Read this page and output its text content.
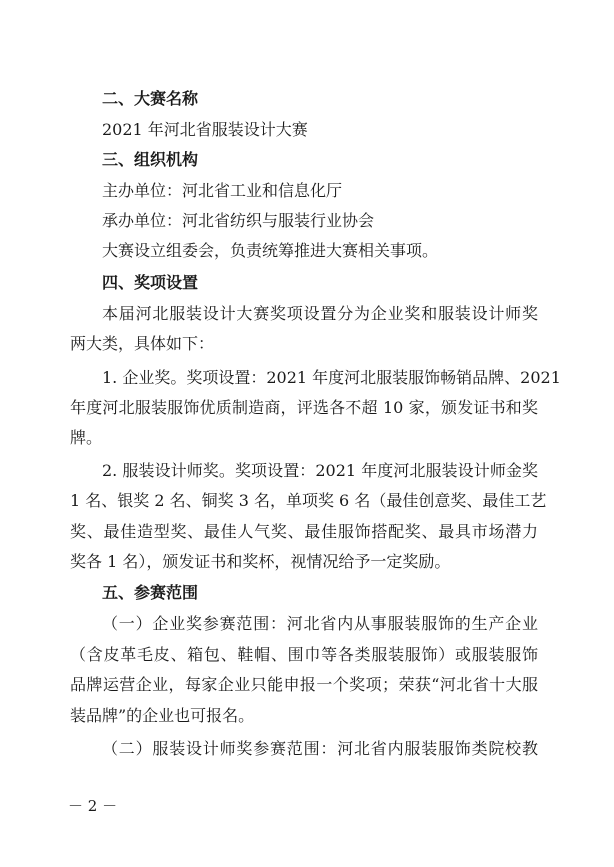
二、大赛名称
2021 年河北省服装设计大赛
三、组织机构
主办单位：河北省工业和信息化厅
承办单位：河北省纺织与服装行业协会
大赛设立组委会，负责统筹推进大赛相关事项。
四、奖项设置
本届河北服装设计大赛奖项设置分为企业奖和服装设计师奖
两大类，具体如下：
1. 企业奖。奖项设置：2021 年度河北服装服饰畅销品牌、2021
年度河北服装服饰优质制造商，评选各不超 10 家，颁发证书和奖
牌。
2. 服装设计师奖。奖项设置：2021 年度河北服装设计师金奖
1 名、银奖 2 名、铜奖 3 名，单项奖 6 名（最佳创意奖、最佳工艺
奖、最佳造型奖、最佳人气奖、最佳服饰搭配奖、最具市场潜力
奖各 1 名），颁发证书和奖杯，视情况给予一定奖励。
五、参赛范围
（一）企业奖参赛范围：河北省内从事服装服饰的生产企业
（含皮革毛皮、箱包、鞋帽、围巾等各类服装服饰）或服装服饰
品牌运营企业，每家企业只能申报一个奖项；荣获“河北省十大服
装品牌”的企业也可报名。
（二）服装设计师奖参赛范围：河北省内服装服饰类院校教
－ 2 －
